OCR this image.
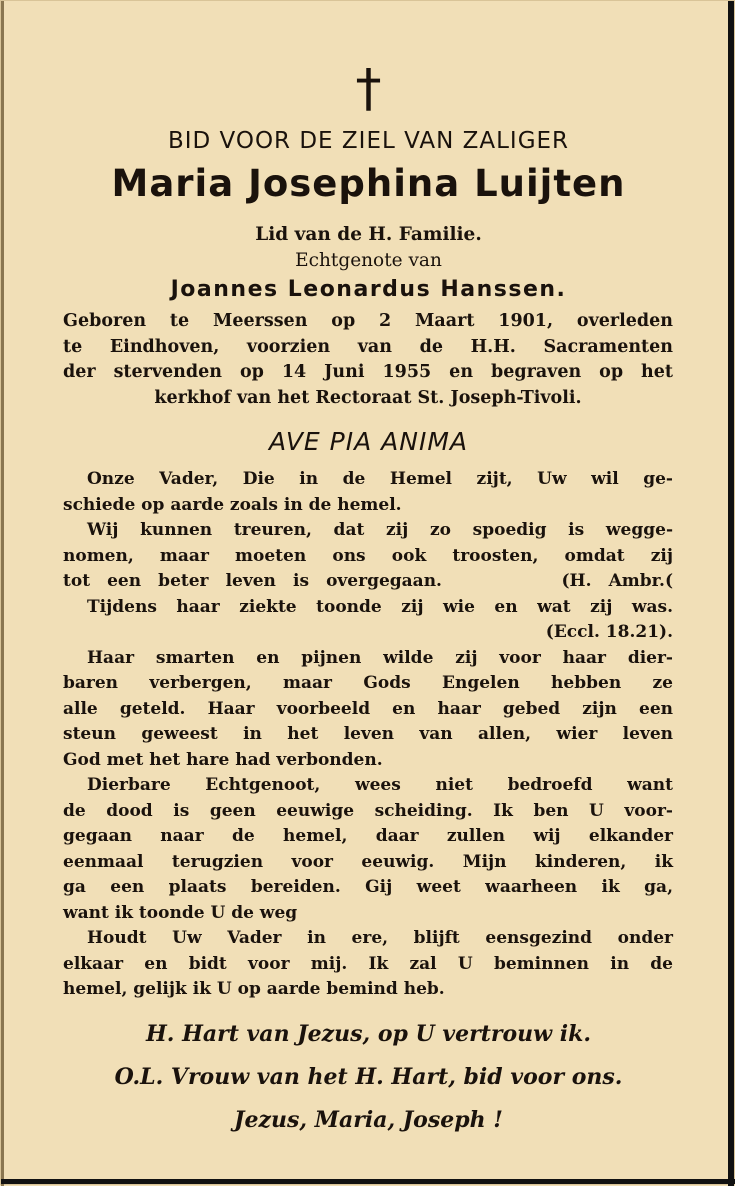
†
BID VOOR DE ZIEL VAN ZALIGER
Maria Josephina Luijten
Lid van de H. Familie.
Echtgenote van
Joannes Leonardus Hanssen.
Geboren te Meerssen op 2 Maart 1901, overleden
te Eindhoven, voorzien van de H.H. Sacramenten
der stervenden op 14 Juni 1955 en begraven op het
kerkhof van het Rectoraat St. Joseph-Tivoli.
AVE PIA ANIMA
Onze Vader, Die in de Hemel zijt, Uw wil ge-
schiede op aarde zoals in de hemel.
Wij kunnen treuren, dat zij zo spoedig is wegge-
nomen, maar moeten ons ook troosten, omdat zij
tot een beter leven is overgegaan.       (H. Ambr.(
Tijdens haar ziekte toonde zij wie en wat zij was.
(Eccl. 18.21).
Haar smarten en pijnen wilde zij voor haar dier-
baren verbergen, maar Gods Engelen hebben ze
alle geteld. Haar voorbeeld en haar gebed zijn een
steun geweest in het leven van allen, wier leven
God met het hare had verbonden.
Dierbare Echtgenoot, wees niet bedroefd want
de dood is geen eeuwige scheiding. Ik ben U voor-
gegaan naar de hemel, daar zullen wij elkander
eenmaal terugzien voor eeuwig. Mijn kinderen, ik
ga een plaats bereiden. Gij weet waarheen ik ga,
want ik toonde U de weg
Houdt Uw Vader in ere, blijft eensgezind onder
elkaar en bidt voor mij. Ik zal U beminnen in de
hemel, gelijk ik U op aarde bemind heb.
H. Hart van Jezus, op U vertrouw ik.
O.L. Vrouw van het H. Hart, bid voor ons.
Jezus, Maria, Joseph !
